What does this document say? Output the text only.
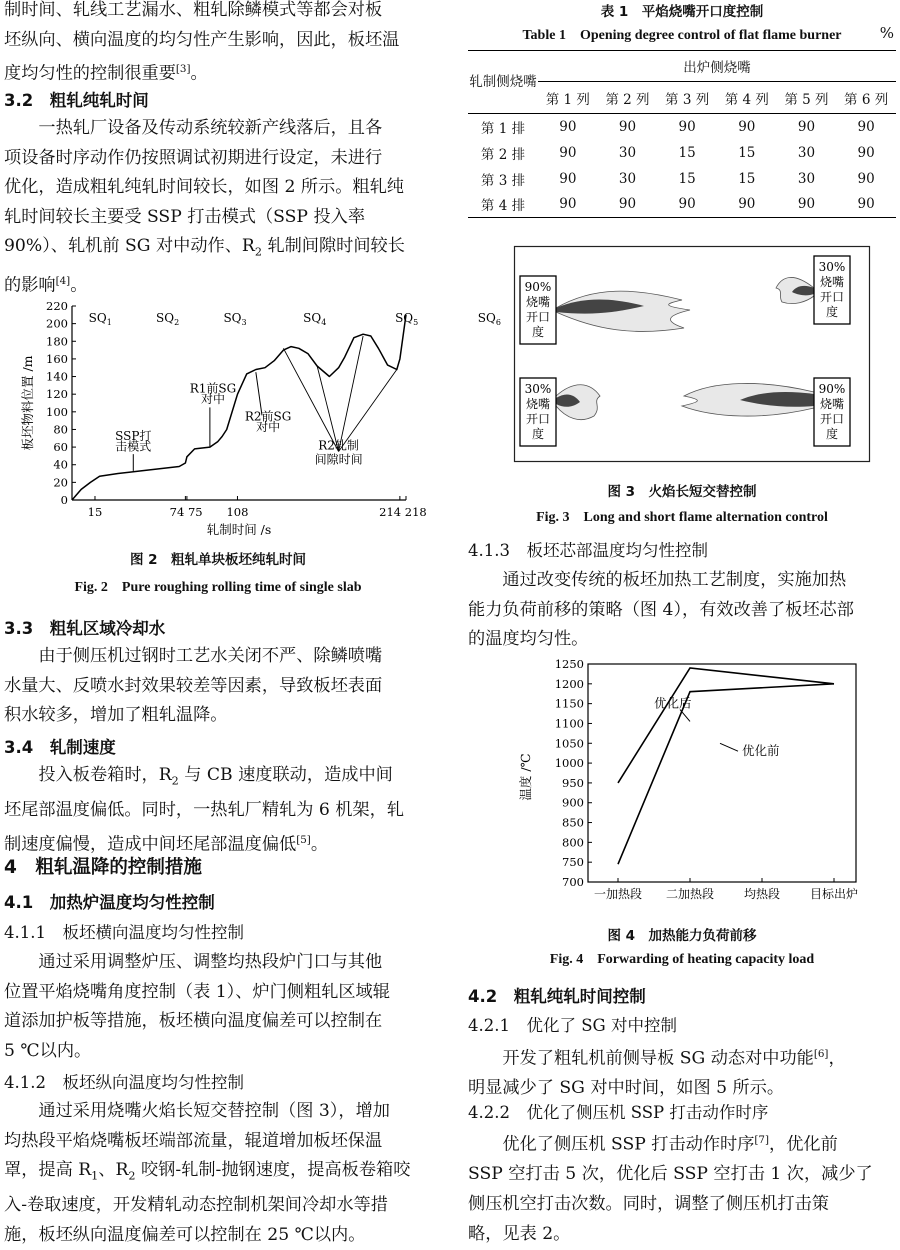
制时间、轧线工艺漏水、粗轧除鳞模式等都会对板

坯纵向、横向温度的均匀性产生影响，因此，板坯温

度均匀性的控制很重要[3]。

3.2　粗轧纯轧时间

一热轧厂设备及传动系统较新产线落后，且各

项设备时序动作仍按照调试初期进行设定，未进行

优化，造成粗轧纯轧时间较长，如图 2 所示。粗轧纯

轧时间较长主要受 SSP 打击模式（SSP 投入率

90%）、轧机前 SG 对中动作、$R_2$ 轧制间隙时间较长

的影响[4]。

0
20
40
60
80
100
120
140
160
180
200
220
15	74 75 108	214 218
轧制时间 /s
板坯物料位置 /m
$SQ_1$	$SQ_2$	$SQ_3$	$SQ_4$	$SQ_5$	$SQ_6$
SSP打
击模式
R1前SG
对中
R2前SG
对中
R2轧制
间隙时间

图 2　粗轧单块板坯纯轧时间

Fig. 2　Pure roughing rolling time of single slab

3.3　粗轧区域冷却水

由于侧压机过钢时工艺水关闭不严、除鳞喷嘴

水量大、反喷水封效果较差等因素，导致板坯表面

积水较多，增加了粗轧温降。

3.4　轧制速度

投入板卷箱时，$R_2$ 与 CB 速度联动，造成中间

坯尾部温度偏低。同时，一热轧厂精轧为 6 机架，轧

制速度偏慢，造成中间坯尾部温度偏低[5]。

4　粗轧温降的控制措施

4.1　加热炉温度均匀性控制

4.1.1　板坯横向温度均匀性控制

通过采用调整炉压、调整均热段炉门口与其他

位置平焰烧嘴角度控制（表 1）、炉门侧粗轧区域辊

道添加护板等措施，板坯横向温度偏差可以控制在

5 ℃以内。

4.1.2　板坯纵向温度均匀性控制

通过采用烧嘴火焰长短交替控制（图 3），增加

均热段平焰烧嘴板坯端部流量，辊道增加板坯保温

罩，提高 $R_1$、$R_2$ 咬钢-轧制-抛钢速度，提高板卷箱咬

入-卷取速度，开发精轧动态控制机架间冷却水等措

施，板坯纵向温度偏差可以控制在 25 ℃以内。

表 1　平焰烧嘴开口度控制

Table 1　Opening degree control of flat flame burner	%
轧制侧烧嘴	出炉侧烧嘴					
	第 1 列	第 2 列	第 3 列	第 4 列	第 5 列	第 6 列
第 1 排	90	90	90	90	90	90
第 2 排	90	30	15	15	30	90
第 3 排	90	30	15	15	30	90
第 4 排	90	90	90	90	90	90
90%
烧嘴
开口
度
30%
烧嘴
开口
度
30%
烧嘴
开口
度
90%
烧嘴
开口
度

图 3　火焰长短交替控制

Fig. 3　Long and short flame alternation control

4.1.3　板坯芯部温度均匀性控制

通过改变传统的板坯加热工艺制度，实施加热

能力负荷前移的策略（图 4），有效改善了板坯芯部

的温度均匀性。

700
750
800
850
900
950
1000
1050
1100
1150
1200
1250
一加热段 二加热段 均热段 目标出炉
温度 /℃
优化后
优化前

图 4　加热能力负荷前移

Fig. 4　Forwarding of heating capacity load

4.2　粗轧纯轧时间控制

4.2.1　优化了 SG 对中控制

开发了粗轧机前侧导板 SG 动态对中功能[6]，

明显减少了 SG 对中时间，如图 5 所示。

4.2.2　优化了侧压机 SSP 打击动作时序

优化了侧压机 SSP 打击动作时序[7]，优化前

SSP 空打击 5 次，优化后 SSP 空打击 1 次，减少了

侧压机空打击次数。同时，调整了侧压机打击策

略，见表 2。
